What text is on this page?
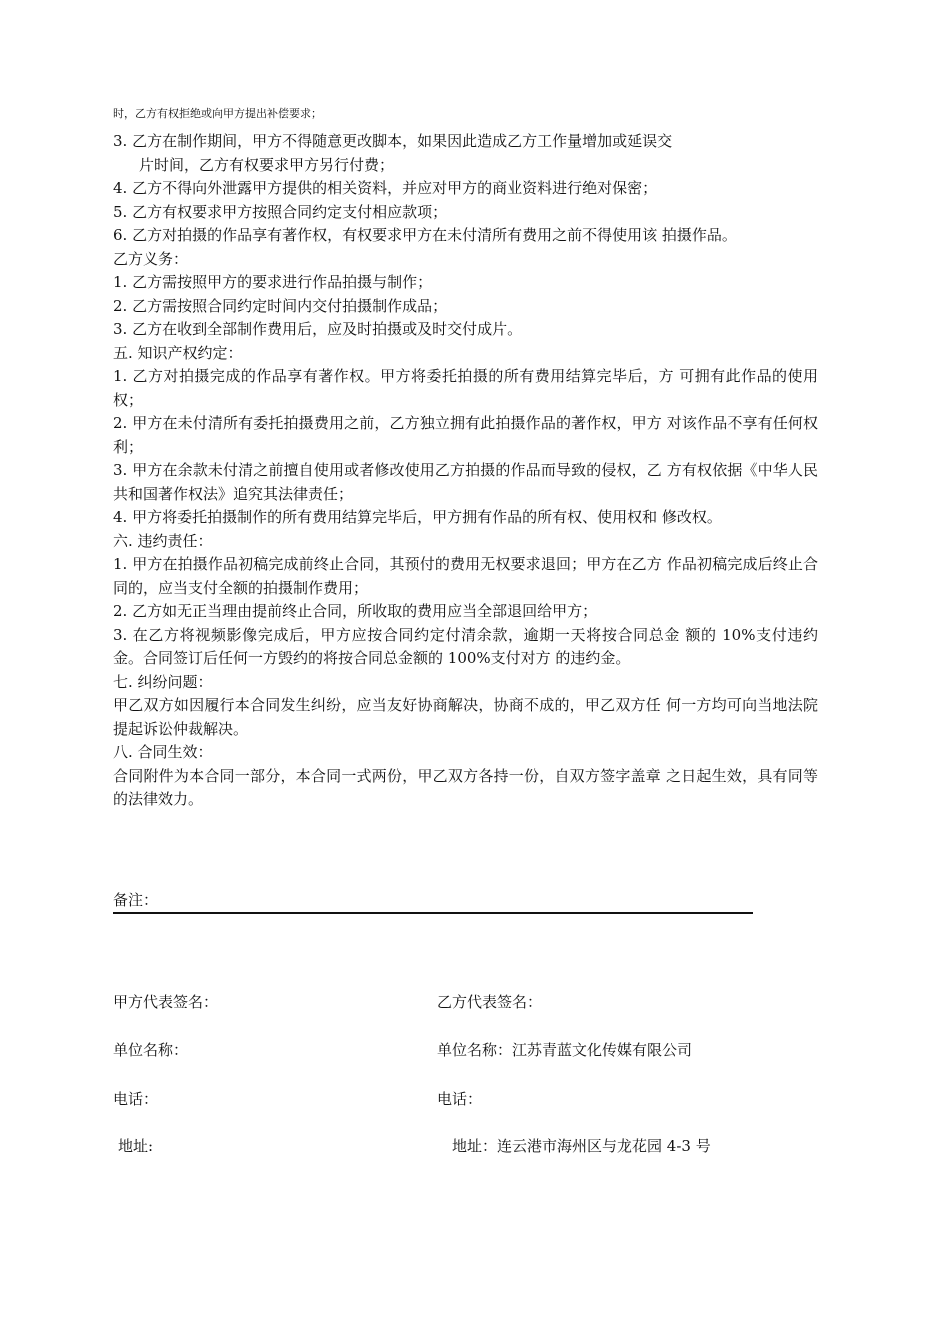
时，乙方有权拒绝或向甲方提出补偿要求；
3. 乙方在制作期间，甲方不得随意更改脚本，如果因此造成乙方工作量增加或延误交
片时间，乙方有权要求甲方另行付费；
4. 乙方不得向外泄露甲方提供的相关资料，并应对甲方的商业资料进行绝对保密；
5. 乙方有权要求甲方按照合同约定支付相应款项；
6. 乙方对拍摄的作品享有著作权，有权要求甲方在未付清所有费用之前不得使用该 拍摄作品。
乙方义务：
1. 乙方需按照甲方的要求进行作品拍摄与制作；
2. 乙方需按照合同约定时间内交付拍摄制作成品；
3. 乙方在收到全部制作费用后，应及时拍摄或及时交付成片。
五. 知识产权约定：
1. 乙方对拍摄完成的作品享有著作权。甲方将委托拍摄的所有费用结算完毕后，方 可拥有此作品的使用权；
2. 甲方在未付清所有委托拍摄费用之前，乙方独立拥有此拍摄作品的著作权，甲方 对该作品不享有任何权利；
3. 甲方在余款未付清之前擅自使用或者修改使用乙方拍摄的作品而导致的侵权，乙 方有权依据《中华人民共和国著作权法》追究其法律责任；
4. 甲方将委托拍摄制作的所有费用结算完毕后，甲方拥有作品的所有权、使用权和 修改权。
六. 违约责任：
1. 甲方在拍摄作品初稿完成前终止合同，其预付的费用无权要求退回；甲方在乙方 作品初稿完成后终止合同的，应当支付全额的拍摄制作费用；
2. 乙方如无正当理由提前终止合同，所收取的费用应当全部退回给甲方；
3. 在乙方将视频影像完成后，甲方应按合同约定付清余款，逾期一天将按合同总金 额的 10%支付违约金。合同签订后任何一方毁约的将按合同总金额的 100%支付对方 的违约金。
七. 纠纷问题：
甲乙双方如因履行本合同发生纠纷，应当友好协商解决，协商不成的，甲乙双方任 何一方均可向当地法院提起诉讼仲裁解决。
八. 合同生效：
合同附件为本合同一部分，本合同一式两份，甲乙双方各持一份，自双方签字盖章 之日起生效，具有同等的法律效力。
备注：
甲方代表签名：	乙方代表签名：
单位名称：	单位名称：江苏青蓝文化传媒有限公司
电话：	电话：
地址:	地址：连云港市海州区与龙花园 4-3 号
